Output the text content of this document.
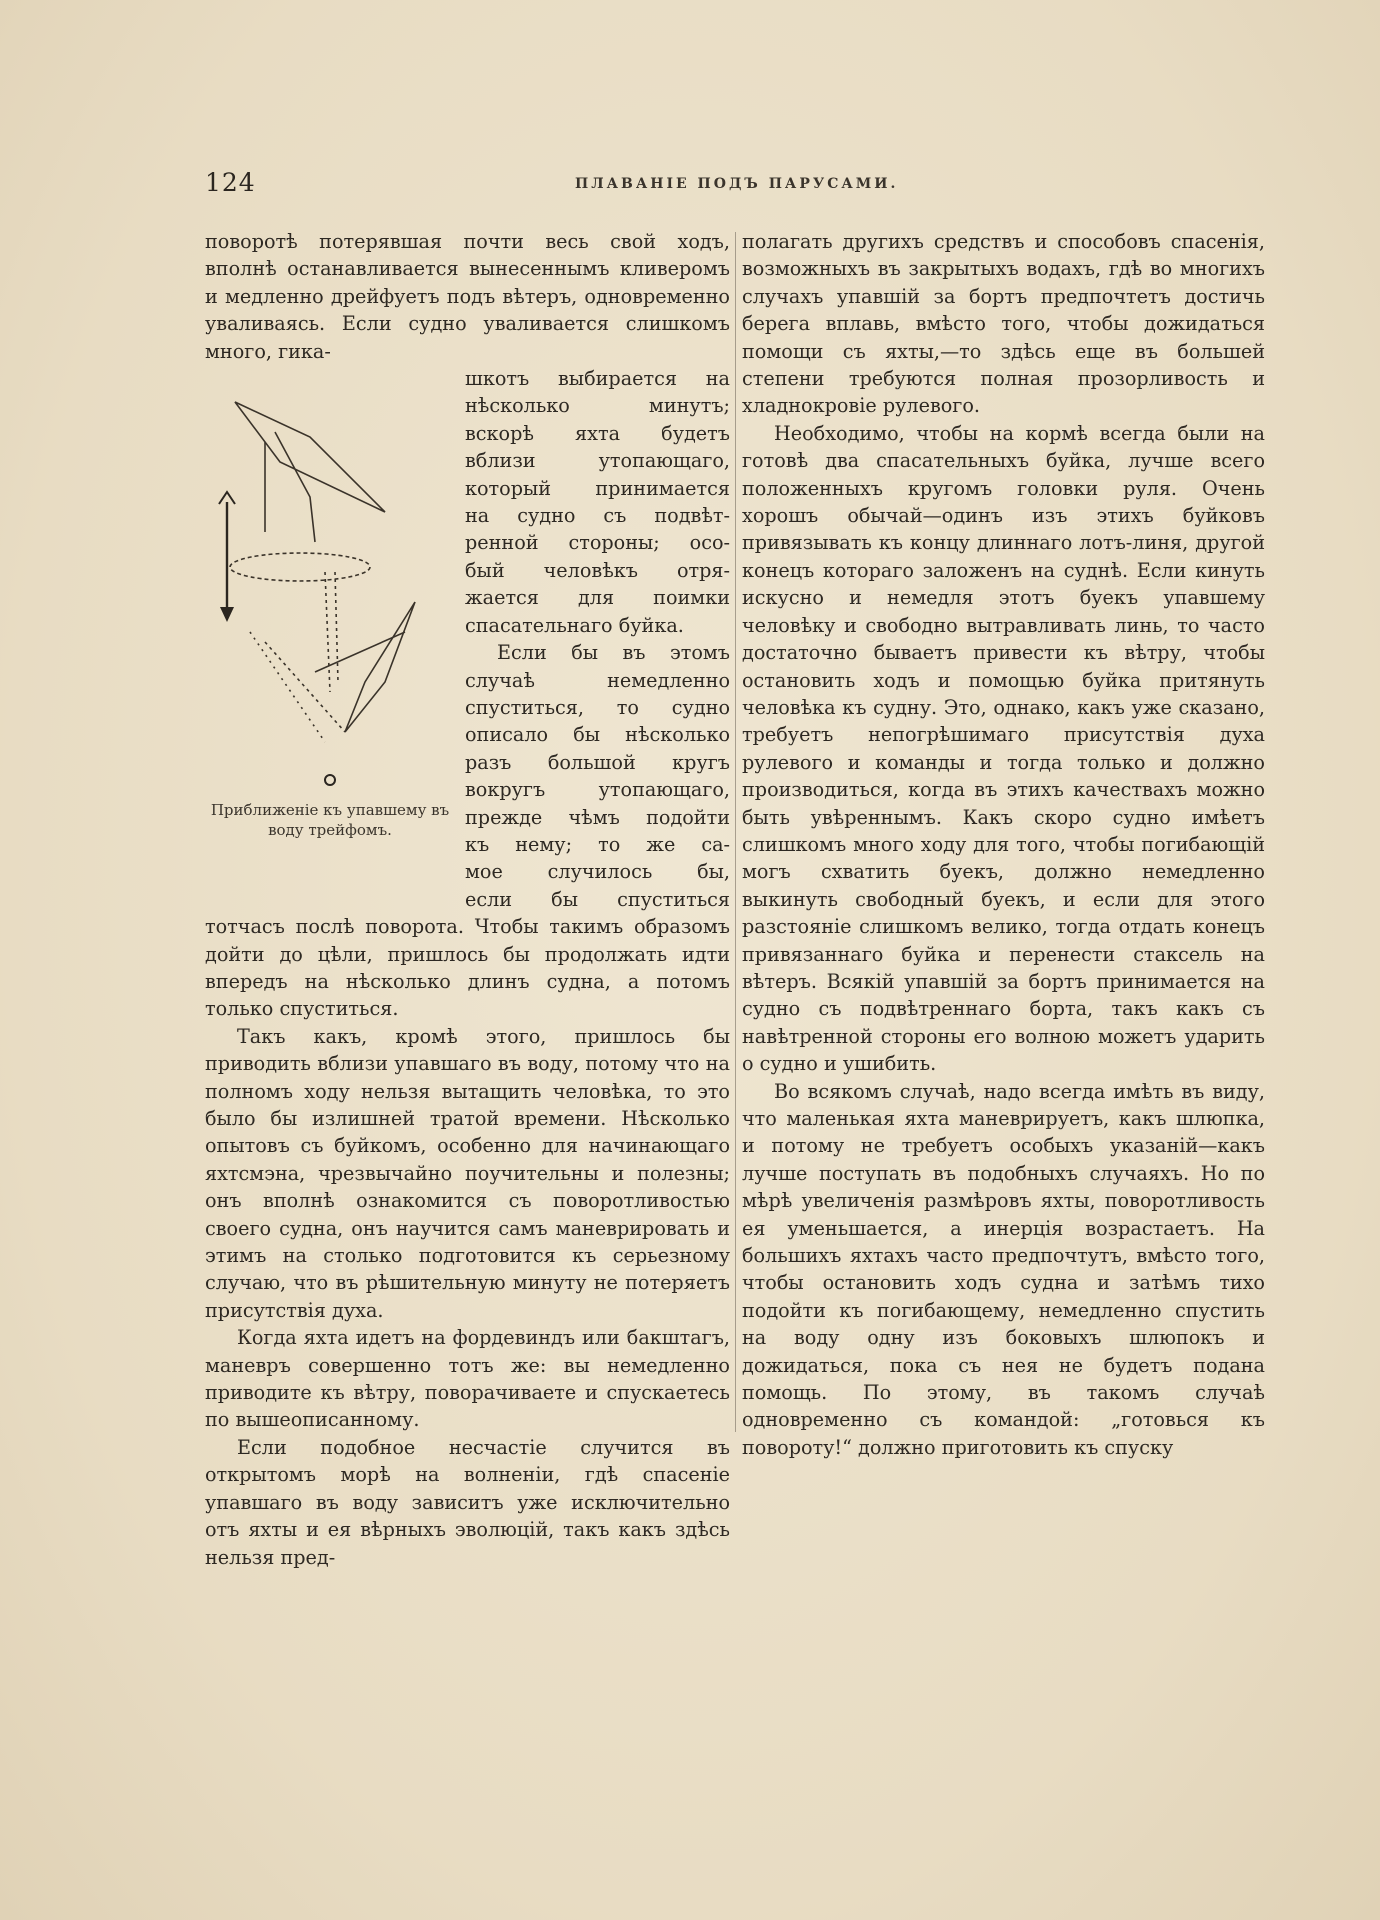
124	ПЛАВАНІЕ ПОДЪ ПАРУСАМИ.

поворотѣ потерявшая почти весь свой ходъ, вполнѣ останавливается вынесеннымъ кливеромъ и медленно дрейфуетъ подъ вѣтеръ, одновременно уваливаясь. Если судно уваливается слишкомъ много, гика-

шкотъ выбирается на
нѣсколько минутъ;
вскорѣ яхта будетъ
вблизи утопающаго,
который принимается
на судно съ подвѣт-
ренной стороны; осо-
бый человѣкъ отря-
жается для поимки
спасательнаго буйка.
Если бы въ этомъ
случаѣ немедленно
спуститься, то судно
описало бы нѣсколько
разъ большой кругъ
вокругъ утопающаго,
прежде чѣмъ подойти
къ нему; то же са-
мое случилось бы,
если бы спуститься

тотчасъ послѣ поворота. Чтобы такимъ образомъ дойти до цѣли, пришлось бы продолжать идти впередъ на нѣсколько длинъ судна, а потомъ только спуститься.

Такъ какъ, кромѣ этого, пришлось бы приводить вблизи упавшаго въ воду, потому что на полномъ ходу нельзя вытащить человѣка, то это было бы излишней тратой времени. Нѣсколько опытовъ съ буйкомъ, особенно для начинающаго яхтсмэна, чрезвычайно поучительны и полезны; онъ вполнѣ ознакомится съ поворотливостью своего судна, онъ научится самъ маневрировать и этимъ на столько подготовится къ серьезному случаю, что въ рѣшительную минуту не потеряетъ присутствія духа.

Когда яхта идетъ на фордевиндъ или бакштагъ, маневръ совершенно тотъ же: вы немедленно приводите къ вѣтру, поворачиваете и спускаетесь по вышеописанному.

Если подобное несчастіе случится въ открытомъ морѣ на волненіи, гдѣ спасеніе упавшаго въ воду зависитъ уже исключительно отъ яхты и ея вѣрныхъ эволюцій, такъ какъ здѣсь нельзя пред-

Приближеніе къ упавшему въ воду трейфомъ.

полагать другихъ средствъ и способовъ спасенія, возможныхъ въ закрытыхъ водахъ, гдѣ во многихъ случахъ упавшій за бортъ предпочтетъ достичь берега вплавь, вмѣсто того, чтобы дожидаться помощи съ яхты,—то здѣсь еще въ большей степени требуются полная прозорливость и хладнокровіе рулевого.

Необходимо, чтобы на кормѣ всегда были на готовѣ два спасательныхъ буйка, лучше всего положенныхъ кругомъ головки руля. Очень хорошъ обычай—одинъ изъ этихъ буйковъ привязывать къ концу длиннаго лотъ-линя, другой конецъ котораго заложенъ на суднѣ. Если кинуть искусно и немедля этотъ буекъ упавшему человѣку и свободно вытравливать линь, то часто достаточно бываетъ привести къ вѣтру, чтобы остановить ходъ и помощью буйка притянуть человѣка къ судну. Это, однако, какъ уже сказано, требуетъ непогрѣшимаго присутствія духа рулевого и команды и тогда только и должно производиться, когда въ этихъ качествахъ можно быть увѣреннымъ. Какъ скоро судно имѣетъ слишкомъ много ходу для того, чтобы погибающій могъ схватить буекъ, должно немедленно выкинуть свободный буекъ, и если для этого разстояніе слишкомъ велико, тогда отдать конецъ привязаннаго буйка и перенести стаксель на вѣтеръ. Всякій упавшій за бортъ принимается на судно съ подвѣтреннаго борта, такъ какъ съ навѣтренной стороны его волною можетъ ударить о судно и ушибить.

Во всякомъ случаѣ, надо всегда имѣть въ виду, что маленькая яхта маневрируетъ, какъ шлюпка, и потому не требуетъ особыхъ указаній—какъ лучше поступать въ подобныхъ случаяхъ. Но по мѣрѣ увеличенія размѣровъ яхты, поворотливость ея уменьшается, а инерція возрастаетъ. На большихъ яхтахъ часто предпочтутъ, вмѣсто того, чтобы остановить ходъ судна и затѣмъ тихо подойти къ погибающему, немедленно спустить на воду одну изъ боковыхъ шлюпокъ и дожидаться, пока съ нея не будетъ подана помощь. По этому, въ такомъ случаѣ одновременно съ командой: „готовься къ повороту!“ должно приготовить къ спуску
